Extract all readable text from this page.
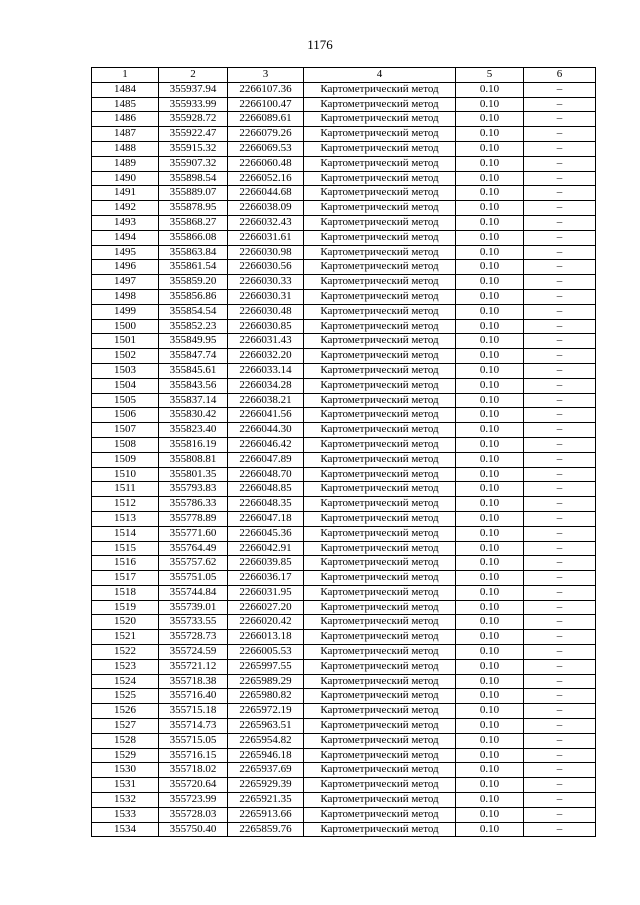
1176
1	2	3	4	5	6
1484	355937.94	2266107.36	Картометрический метод	0.10	–
1485	355933.99	2266100.47	Картометрический метод	0.10	–
1486	355928.72	2266089.61	Картометрический метод	0.10	–
1487	355922.47	2266079.26	Картометрический метод	0.10	–
1488	355915.32	2266069.53	Картометрический метод	0.10	–
1489	355907.32	2266060.48	Картометрический метод	0.10	–
1490	355898.54	2266052.16	Картометрический метод	0.10	–
1491	355889.07	2266044.68	Картометрический метод	0.10	–
1492	355878.95	2266038.09	Картометрический метод	0.10	–
1493	355868.27	2266032.43	Картометрический метод	0.10	–
1494	355866.08	2266031.61	Картометрический метод	0.10	–
1495	355863.84	2266030.98	Картометрический метод	0.10	–
1496	355861.54	2266030.56	Картометрический метод	0.10	–
1497	355859.20	2266030.33	Картометрический метод	0.10	–
1498	355856.86	2266030.31	Картометрический метод	0.10	–
1499	355854.54	2266030.48	Картометрический метод	0.10	–
1500	355852.23	2266030.85	Картометрический метод	0.10	–
1501	355849.95	2266031.43	Картометрический метод	0.10	–
1502	355847.74	2266032.20	Картометрический метод	0.10	–
1503	355845.61	2266033.14	Картометрический метод	0.10	–
1504	355843.56	2266034.28	Картометрический метод	0.10	–
1505	355837.14	2266038.21	Картометрический метод	0.10	–
1506	355830.42	2266041.56	Картометрический метод	0.10	–
1507	355823.40	2266044.30	Картометрический метод	0.10	–
1508	355816.19	2266046.42	Картометрический метод	0.10	–
1509	355808.81	2266047.89	Картометрический метод	0.10	–
1510	355801.35	2266048.70	Картометрический метод	0.10	–
1511	355793.83	2266048.85	Картометрический метод	0.10	–
1512	355786.33	2266048.35	Картометрический метод	0.10	–
1513	355778.89	2266047.18	Картометрический метод	0.10	–
1514	355771.60	2266045.36	Картометрический метод	0.10	–
1515	355764.49	2266042.91	Картометрический метод	0.10	–
1516	355757.62	2266039.85	Картометрический метод	0.10	–
1517	355751.05	2266036.17	Картометрический метод	0.10	–
1518	355744.84	2266031.95	Картометрический метод	0.10	–
1519	355739.01	2266027.20	Картометрический метод	0.10	–
1520	355733.55	2266020.42	Картометрический метод	0.10	–
1521	355728.73	2266013.18	Картометрический метод	0.10	–
1522	355724.59	2266005.53	Картометрический метод	0.10	–
1523	355721.12	2265997.55	Картометрический метод	0.10	–
1524	355718.38	2265989.29	Картометрический метод	0.10	–
1525	355716.40	2265980.82	Картометрический метод	0.10	–
1526	355715.18	2265972.19	Картометрический метод	0.10	–
1527	355714.73	2265963.51	Картометрический метод	0.10	–
1528	355715.05	2265954.82	Картометрический метод	0.10	–
1529	355716.15	2265946.18	Картометрический метод	0.10	–
1530	355718.02	2265937.69	Картометрический метод	0.10	–
1531	355720.64	2265929.39	Картометрический метод	0.10	–
1532	355723.99	2265921.35	Картометрический метод	0.10	–
1533	355728.03	2265913.66	Картометрический метод	0.10	–
1534	355750.40	2265859.76	Картометрический метод	0.10	–
